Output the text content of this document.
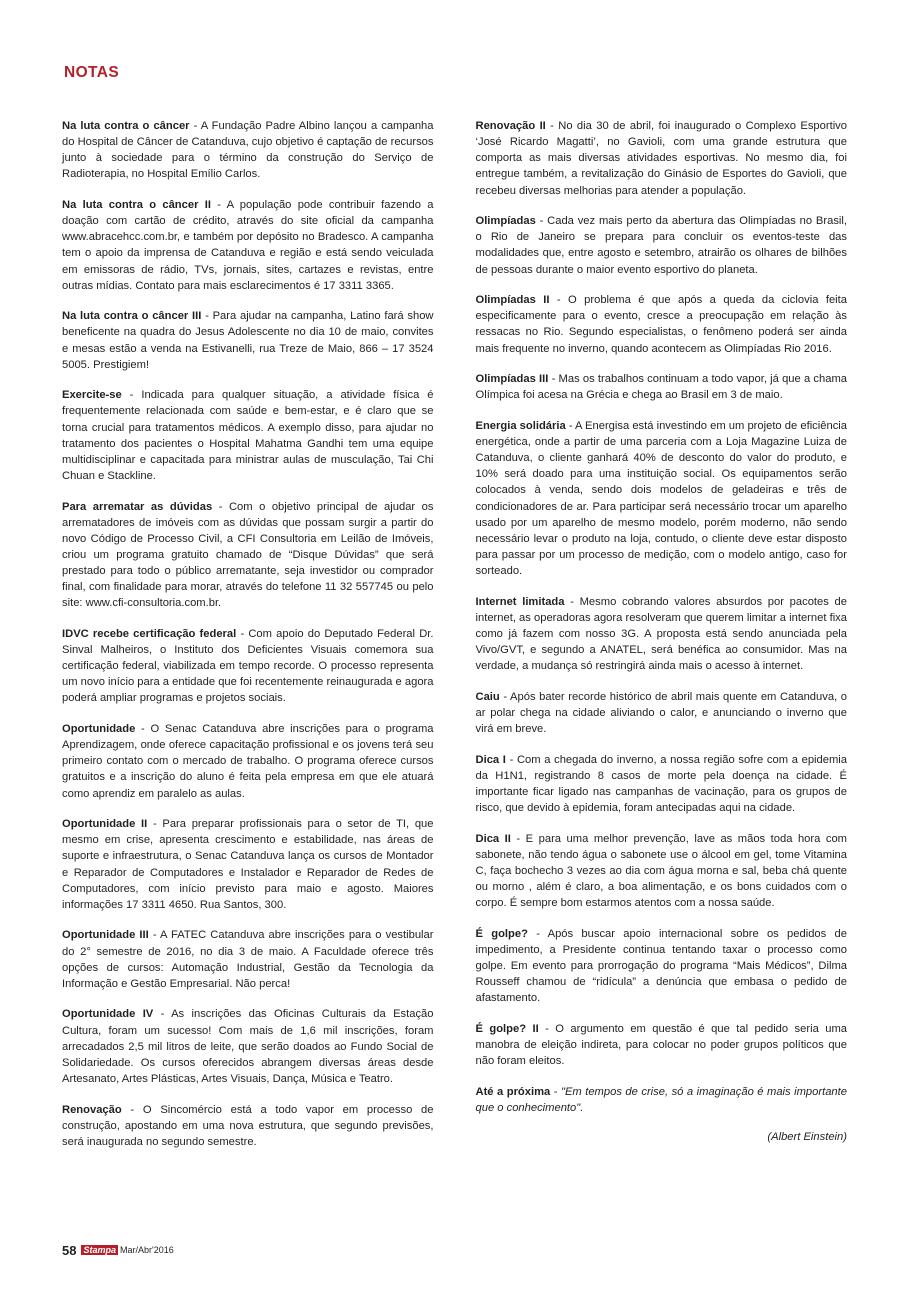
NOTAS

Na luta contra o câncer - A Fundação Padre Albino lançou a campanha do Hospital de Câncer de Catanduva, cujo objetivo é captação de recursos junto à sociedade para o término da construção do Serviço de Radioterapia, no Hospital Emílio Carlos.

Na luta contra o câncer II - A população pode contribuir fazendo a doação com cartão de crédito, através do site oficial da campanha www.abracehcc.com.br, e também por depósito no Bradesco. A campanha tem o apoio da imprensa de Catanduva e região e está sendo veiculada em emissoras de rádio, TVs, jornais, sites, cartazes e revistas, entre outras mídias. Contato para mais esclarecimentos é 17 3311 3365.

Na luta contra o câncer III - Para ajudar na campanha, Latino fará show beneficente na quadra do Jesus Adolescente no dia 10 de maio, convites e mesas estão a venda na Estivanelli, rua Treze de Maio, 866 – 17 3524 5005. Prestigiem!

Exercite-se - Indicada para qualquer situação, a atividade física é frequentemente relacionada com saúde e bem-estar, e é claro que se torna crucial para tratamentos médicos. A exemplo disso, para ajudar no tratamento dos pacientes o Hospital Mahatma Gandhi tem uma equipe multidisciplinar e capacitada para ministrar aulas de musculação, Tai Chi Chuan e Stackline.

Para arrematar as dúvidas - Com o objetivo principal de ajudar os arrematadores de imóveis com as dúvidas que possam surgir a partir do novo Código de Processo Civil, a CFI Consultoria em Leilão de Imóveis, criou um programa gratuito chamado de “Disque Dúvidas” que será prestado para todo o público arrematante, seja investidor ou comprador final, com finalidade para morar, através do telefone 11 32 557745 ou pelo site: www.cfi-consultoria.com.br.

IDVC recebe certificação federal - Com apoio do Deputado Federal Dr. Sinval Malheiros, o Instituto dos Deficientes Visuais comemora sua certificação federal, viabilizada em tempo recorde. O processo representa um novo início para a entidade que foi recentemente reinaugurada e agora poderá ampliar programas e projetos sociais.

Oportunidade - O Senac Catanduva abre inscrições para o programa Aprendizagem, onde oferece capacitação profissional e os jovens terá seu primeiro contato com o mercado de trabalho. O programa oferece cursos gratuitos e a inscrição do aluno é feita pela empresa em que ele atuará como aprendiz em paralelo as aulas.

Oportunidade II - Para preparar profissionais para o setor de TI, que mesmo em crise, apresenta crescimento e estabilidade, nas áreas de suporte e infraestrutura, o Senac Catanduva lança os cursos de Montador e Reparador de Computadores e Instalador e Reparador de Redes de Computadores, com início previsto para maio e agosto. Maiores informações 17 3311 4650. Rua Santos, 300.

Oportunidade III - A FATEC Catanduva abre inscrições para o vestibular do 2° semestre de 2016, no dia 3 de maio. A Faculdade oferece três opções de cursos: Automação Industrial, Gestão da Tecnologia da Informação e Gestão Empresarial. Não perca!

Oportunidade IV - As inscrições das Oficinas Culturais da Estação Cultura, foram um sucesso! Com mais de 1,6 mil inscrições, foram arrecadados 2,5 mil litros de leite, que serão doados ao Fundo Social de Solidariedade. Os cursos oferecidos abrangem diversas áreas desde Artesanato, Artes Plásticas, Artes Visuais, Dança, Música e Teatro.

Renovação - O Sincomércio está a todo vapor em processo de construção, apostando em uma nova estrutura, que segundo previsões, será inaugurada no segundo semestre.

Renovação II - No dia 30 de abril, foi inaugurado o Complexo Esportivo ‘José Ricardo Magatti’, no Gavioli, com uma grande estrutura que comporta as mais diversas atividades esportivas. No mesmo dia, foi entregue também, a revitalização do Ginásio de Esportes do Gavioli, que recebeu diversas melhorias para atender a população.

Olimpíadas - Cada vez mais perto da abertura das Olimpíadas no Brasil, o Rio de Janeiro se prepara para concluir os eventos-teste das modalidades que, entre agosto e setembro, atrairão os olhares de bilhões de pessoas durante o maior evento esportivo do planeta.

Olimpíadas II - O problema é que após a queda da ciclovia feita especificamente para o evento, cresce a preocupação em relação às ressacas no Rio. Segundo especialistas, o fenômeno poderá ser ainda mais frequente no inverno, quando acontecem as Olimpíadas Rio 2016.

Olimpíadas III - Mas os trabalhos continuam a todo vapor, já que a chama Olímpica foi acesa na Grécia e chega ao Brasil em 3 de maio.

Energia solidária - A Energisa está investindo em um projeto de eficiência energética, onde a partir de uma parceria com a Loja Magazine Luiza de Catanduva, o cliente ganhará 40% de desconto do valor do produto, e 10% será doado para uma instituição social. Os equipamentos serão colocados à venda, sendo dois modelos de geladeiras e três de condicionadores de ar. Para participar será necessário trocar um aparelho usado por um aparelho de mesmo modelo, porém moderno, não sendo necessário levar o produto na loja, contudo, o cliente deve estar disposto para passar por um processo de medição, com o modelo antigo, caso for sorteado.

Internet limitada - Mesmo cobrando valores absurdos por pacotes de internet, as operadoras agora resolveram que querem limitar a internet fixa como já fazem com nosso 3G. A proposta está sendo anunciada pela Vivo/GVT, e segundo a ANATEL, será benéfica ao consumidor. Mas na verdade, a mudança só restringirá ainda mais o acesso à internet.

Caiu - Após bater recorde histórico de abril mais quente em Catanduva, o ar polar chega na cidade aliviando o calor, e anunciando o inverno que virá em breve.

Dica I - Com a chegada do inverno, a nossa região sofre com a epidemia da H1N1, registrando 8 casos de morte pela doença na cidade. É importante ficar ligado nas campanhas de vacinação, para os grupos de risco, que devido à epidemia, foram antecipadas aqui na cidade.

Dica II - E para uma melhor prevenção, lave as mãos toda hora com sabonete, não tendo água o sabonete use o álcool em gel, tome Vitamina C, faça bochecho 3 vezes ao dia com água morna e sal, beba chá quente ou morno , além é claro, a boa alimentação, e os bons cuidados com o corpo. É sempre bom estarmos atentos com a nossa saúde.

É golpe? - Após buscar apoio internacional sobre os pedidos de impedimento, a Presidente continua tentando taxar o processo como golpe. Em evento para prorrogação do programa “Mais Médicos”, Dilma Rousseff chamou de “ridícula” a denúncia que embasa o pedido de afastamento.

É golpe? II - O argumento em questão é que tal pedido seria uma manobra de eleição indireta, para colocar no poder grupos políticos que não foram eleitos.

Até a próxima - "Em tempos de crise, só a imaginação é mais importante que o conhecimento".

(Albert Einstein)

58 Stampa Mar/Abr'2016
